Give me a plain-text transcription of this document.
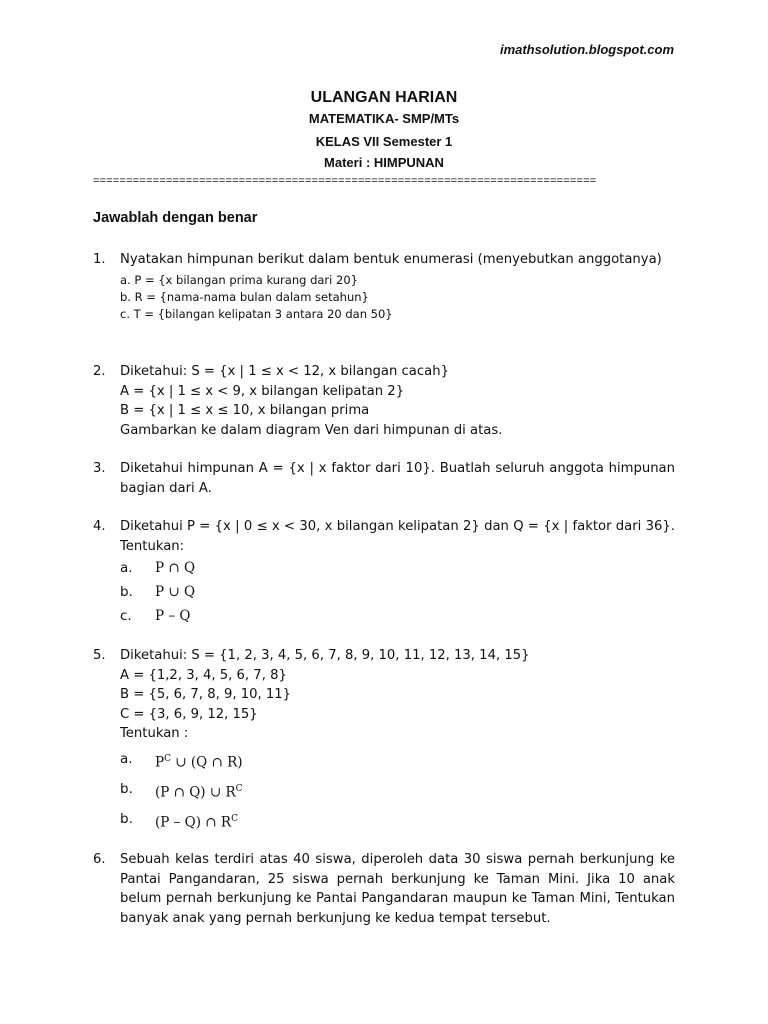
imathsolution.blogspot.com
ULANGAN HARIAN
MATEMATIKA- SMP/MTs
KELAS VII Semester 1
Materi : HIMPUNAN
============================================================================
Jawablah dengan benar
1. Nyatakan himpunan berikut dalam bentuk enumerasi (menyebutkan anggotanya)
a. P = {x bilangan prima kurang dari 20}
b. R = {nama-nama bulan dalam setahun}
c. T = {bilangan kelipatan 3 antara 20 dan 50}
2. Diketahui: S = {x | 1 ≤ x < 12, x bilangan cacah}
A = {x | 1 ≤ x < 9, x bilangan kelipatan 2}
B = {x | 1 ≤ x ≤ 10, x bilangan prima
Gambarkan ke dalam diagram Ven dari himpunan di atas.
3. Diketahui himpunan A = {x | x faktor dari 10}. Buatlah seluruh anggota himpunan bagian dari A.
4. Diketahui P = {x | 0 ≤ x < 30, x bilangan kelipatan 2} dan Q = {x | faktor dari 36}. Tentukan:
a. P ∩ Q
b. P ∪ Q
c. P – Q
5. Diketahui: S = {1, 2, 3, 4, 5, 6, 7, 8, 9, 10, 11, 12, 13, 14, 15}
A = {1,2, 3, 4, 5, 6, 7, 8}
B = {5, 6, 7, 8, 9, 10, 11}
C = {3, 6, 9, 12, 15}
Tentukan :
a. $P^C$ ∪ (Q ∩ R)
b. (P ∩ Q) ∪ $R^C$
b. (P – Q) ∩ $R^C$
6. Sebuah kelas terdiri atas 40 siswa, diperoleh data 30 siswa pernah berkunjung ke Pantai Pangandaran, 25 siswa pernah berkunjung ke Taman Mini. Jika 10 anak belum pernah berkunjung ke Pantai Pangandaran maupun ke Taman Mini, Tentukan banyak anak yang pernah berkunjung ke kedua tempat tersebut.
